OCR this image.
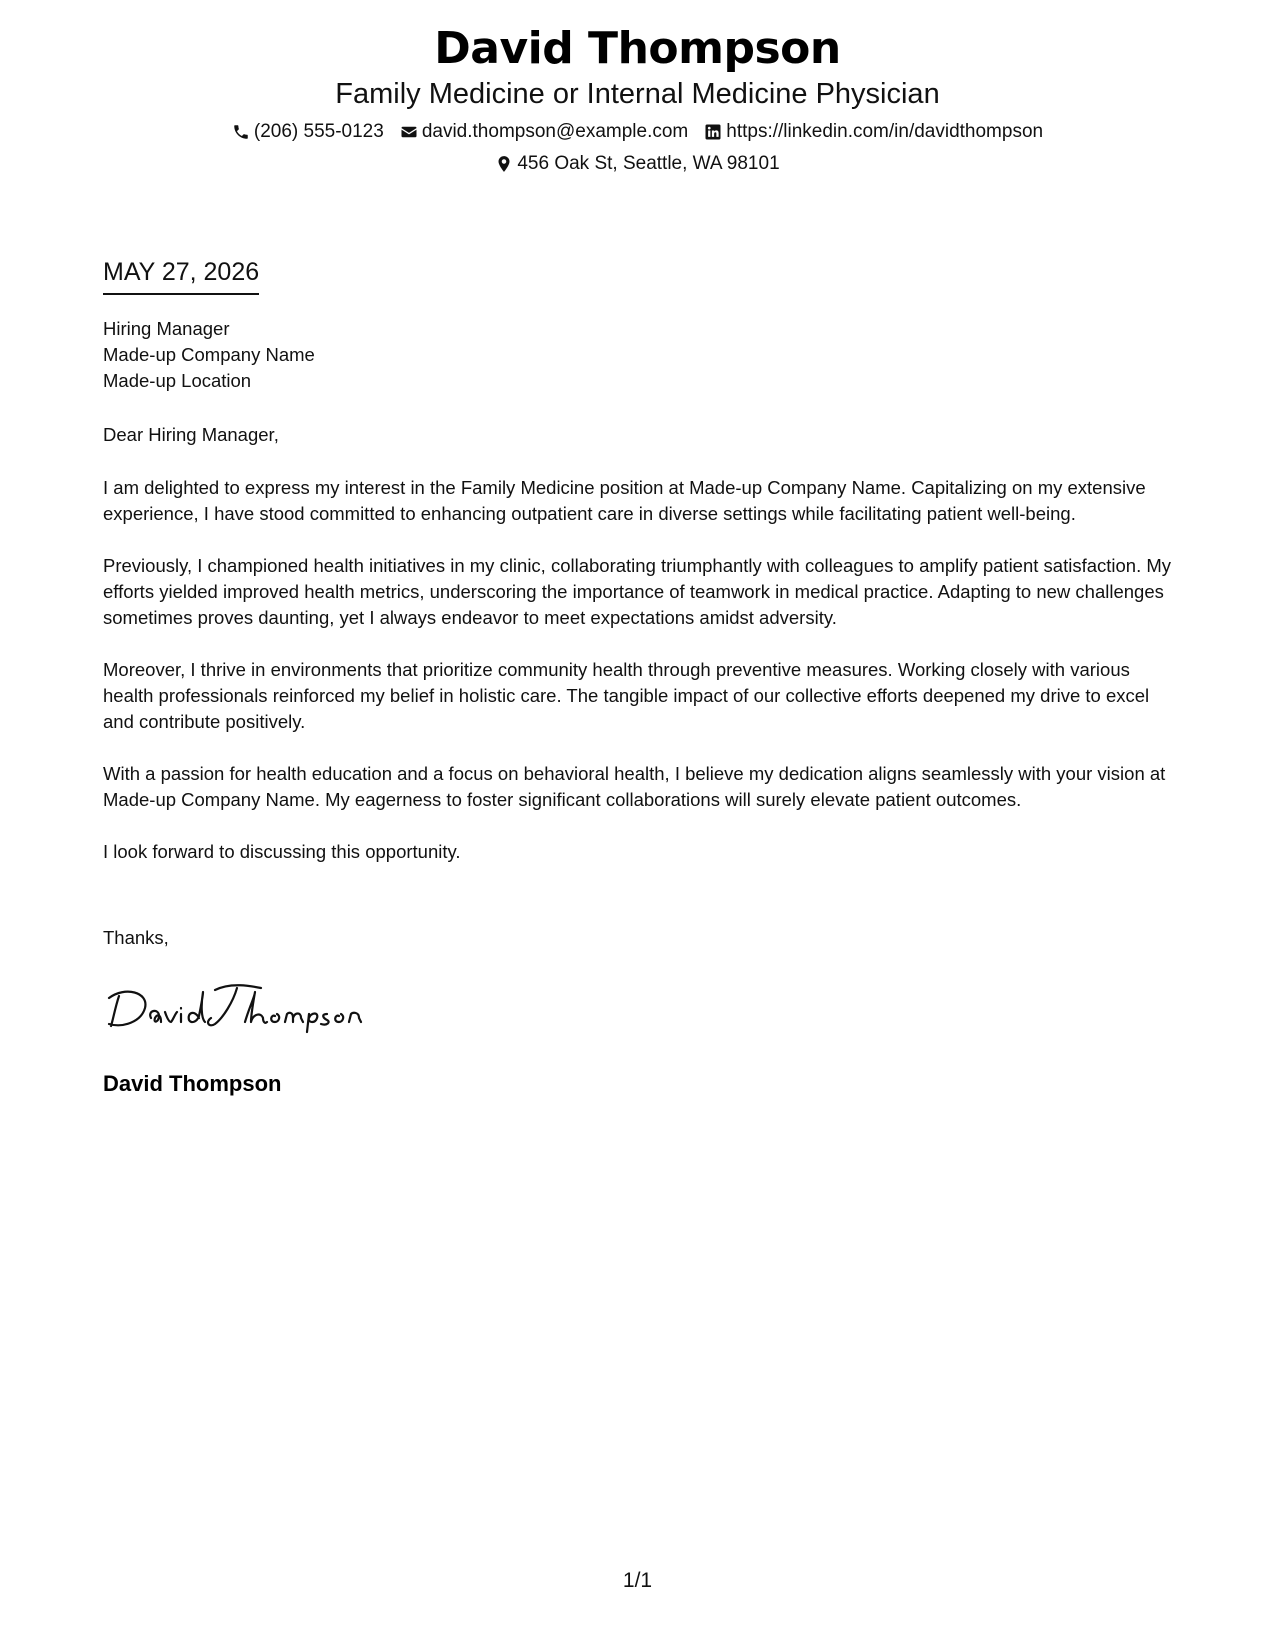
David Thompson
Family Medicine or Internal Medicine Physician
(206) 555-0123 david.thompson@example.com https://linkedin.com/in/davidthompson
456 Oak St, Seattle, WA 98101
MAY 27, 2026
Hiring Manager
Made-up Company Name
Made-up Location
Dear Hiring Manager,

I am delighted to express my interest in the Family Medicine position at Made-up Company Name. Capitalizing on my extensive experience, I have stood committed to enhancing outpatient care in diverse settings while facilitating patient well-being.

Previously, I championed health initiatives in my clinic, collaborating triumphantly with colleagues to amplify patient satisfaction. My efforts yielded improved health metrics, underscoring the importance of teamwork in medical practice. Adapting to new challenges sometimes proves daunting, yet I always endeavor to meet expectations amidst adversity.

Moreover, I thrive in environments that prioritize community health through preventive measures. Working closely with various health professionals reinforced my belief in holistic care. The tangible impact of our collective efforts deepened my drive to excel and contribute positively.

With a passion for health education and a focus on behavioral health, I believe my dedication aligns seamlessly with your vision at Made-up Company Name. My eagerness to foster significant collaborations will surely elevate patient outcomes.

I look forward to discussing this opportunity.

Thanks,
David Thompson
1/1
